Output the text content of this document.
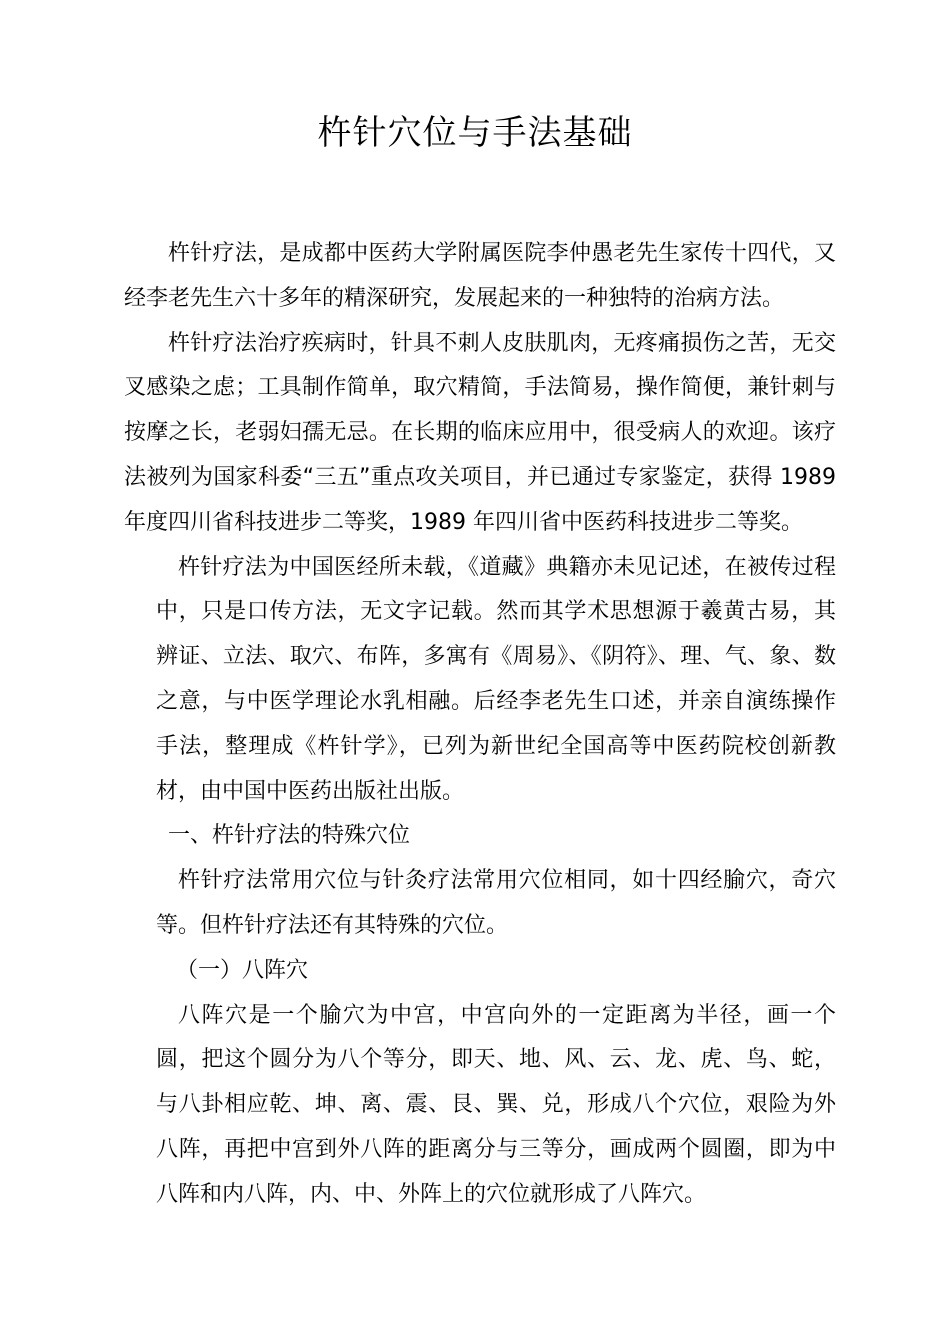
杵针穴位与手法基础

杵针疗法，是成都中医药大学附属医院李仲愚老先生家传十四代，又经李老先生六十多年的精深研究，发展起来的一种独特的治病方法。

杵针疗法治疗疾病时，针具不刺人皮肤肌肉，无疼痛损伤之苦，无交叉感染之虑；工具制作简单，取穴精简，手法简易，操作简便，兼针刺与按摩之长，老弱妇孺无忌。在长期的临床应用中，很受病人的欢迎。该疗法被列为国家科委“三五”重点攻关项目，并已通过专家鉴定，获得 1989 年度四川省科技进步二等奖，1989 年四川省中医药科技进步二等奖。

杵针疗法为中国医经所未载，《道藏》典籍亦未见记述，在被传过程中，只是口传方法，无文字记载。然而其学术思想源于羲黄古易，其辨证、立法、取穴、布阵，多寓有《周易》、《阴符》、理、气、象、数之意，与中医学理论水乳相融。后经李老先生口述，并亲自演练操作手法，整理成《杵针学》，已列为新世纪全国高等中医药院校创新教材，由中国中医药出版社出版。

一、杵针疗法的特殊穴位

杵针疗法常用穴位与针灸疗法常用穴位相同，如十四经腧穴，奇穴等。但杵针疗法还有其特殊的穴位。

（一）八阵穴

八阵穴是一个腧穴为中宫，中宫向外的一定距离为半径，画一个圆，把这个圆分为八个等分，即天、地、风、云、龙、虎、鸟、蛇，与八卦相应乾、坤、离、震、艮、巽、兑，形成八个穴位，艰险为外八阵，再把中宫到外八阵的距离分与三等分，画成两个圆圈，即为中八阵和内八阵，内、中、外阵上的穴位就形成了八阵穴。
